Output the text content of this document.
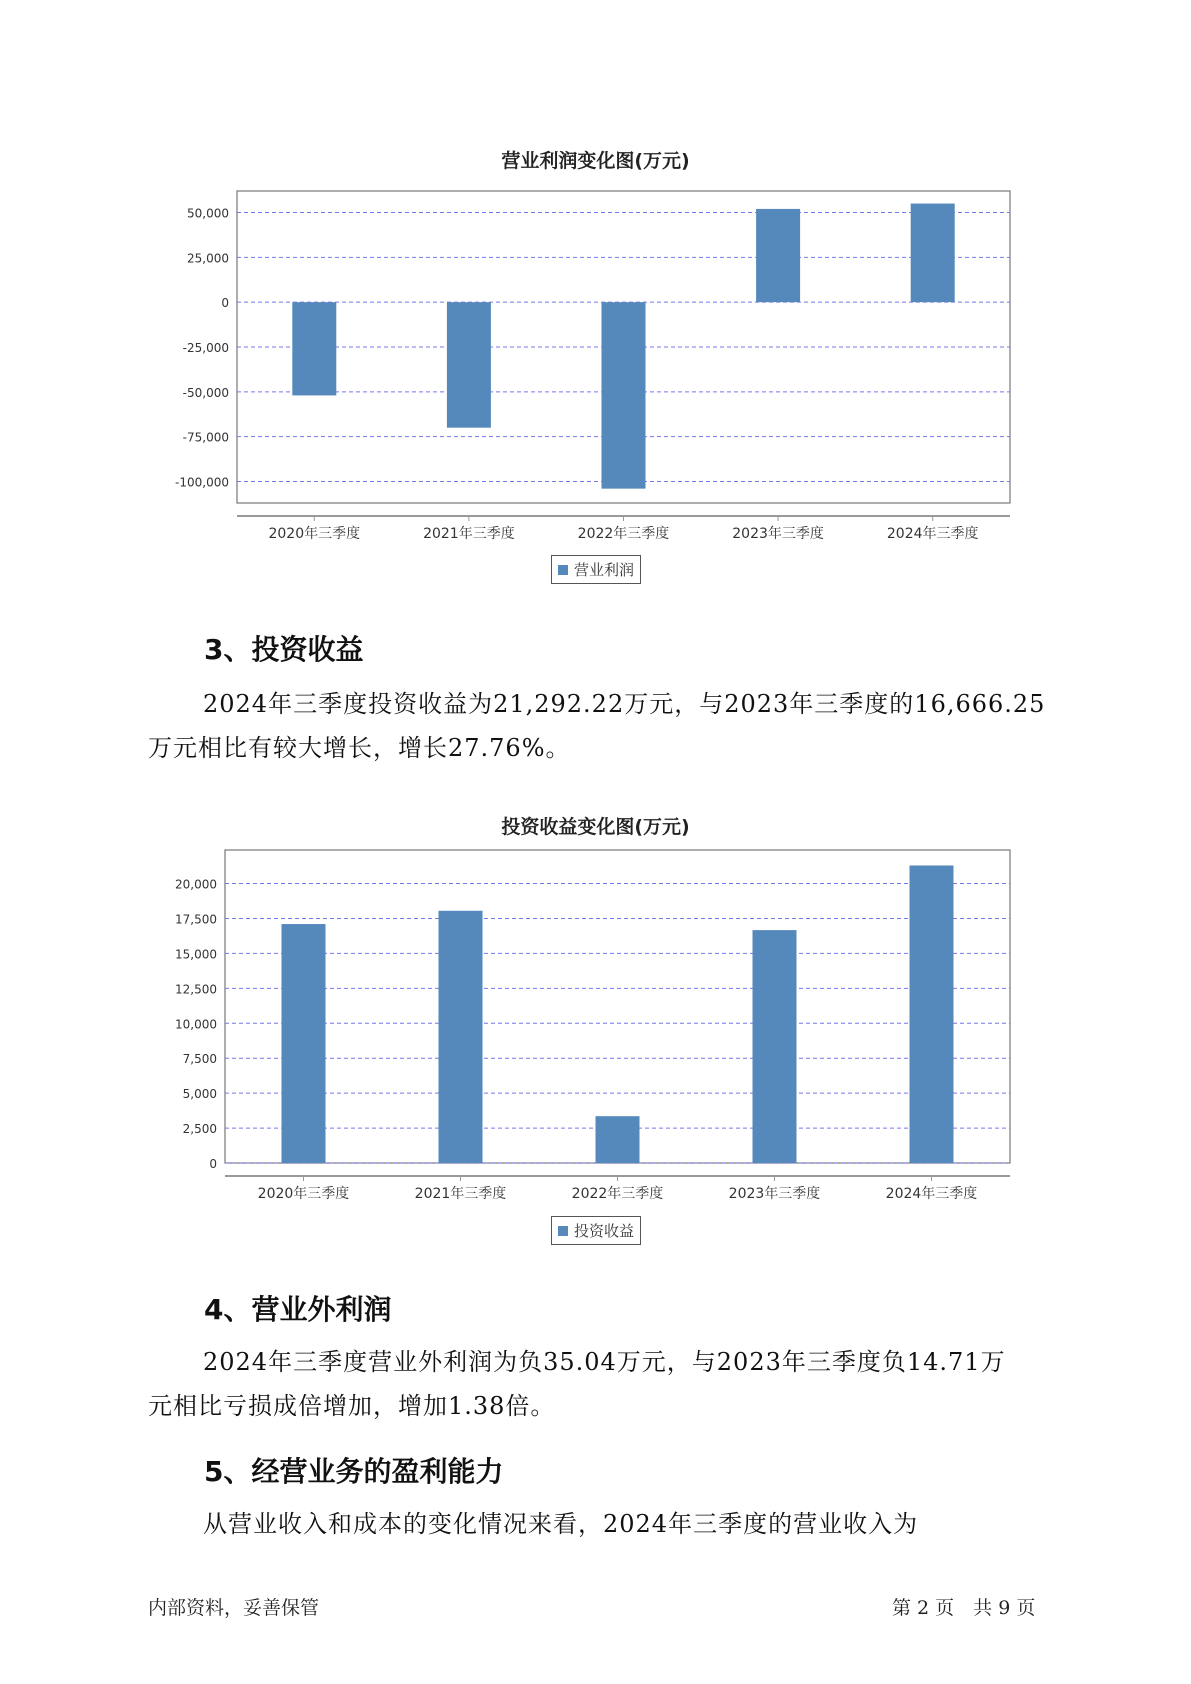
营业利润变化图(万元)
50,000
25,000
0
-25,000
-50,000
-75,000
-100,000
2020年三季度	2021年三季度	2022年三季度	2023年三季度	2024年三季度
营业利润
3、投资收益
2024年三季度投资收益为21,292.22万元，与2023年三季度的16,666.25
万元相比有较大增长，增长27.76%。
投资收益变化图(万元)
20,000
17,500
15,000
12,500
10,000
7,500
5,000
2,500
0
2020年三季度	2021年三季度	2022年三季度	2023年三季度	2024年三季度
投资收益
4、营业外利润
2024年三季度营业外利润为负35.04万元，与2023年三季度负14.71万
元相比亏损成倍增加，增加1.38倍。
5、经营业务的盈利能力
从营业收入和成本的变化情况来看，2024年三季度的营业收入为
内部资料，妥善保管	第 2 页　共 9 页
